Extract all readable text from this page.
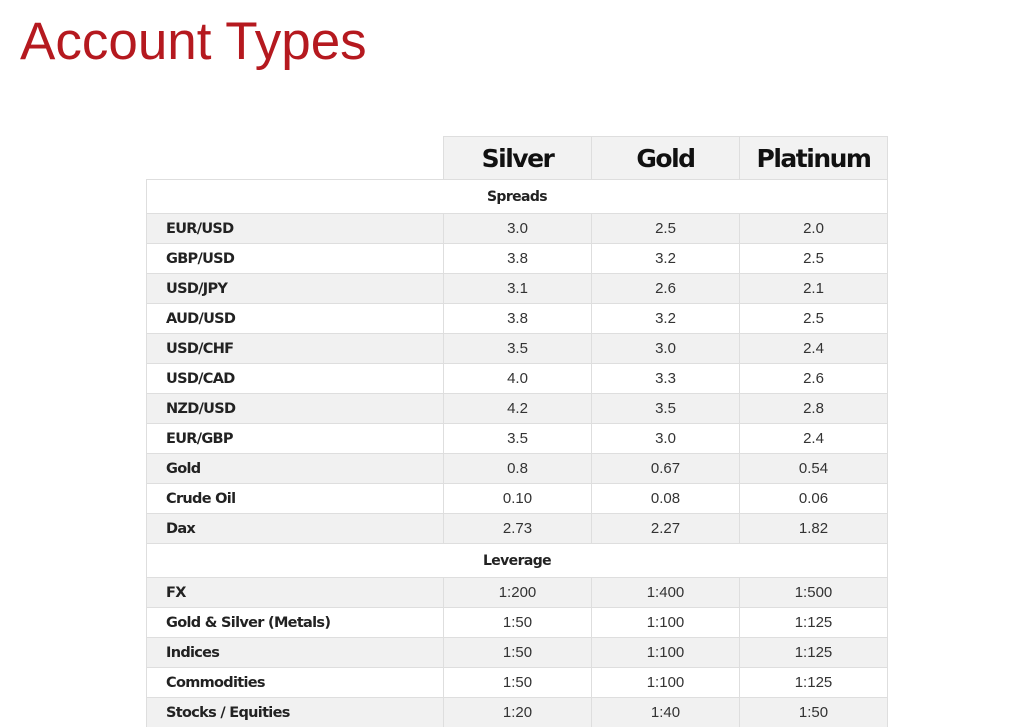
Account Types
	Silver	Gold	Platinum
Spreads			
EUR/USD	3.0	2.5	2.0
GBP/USD	3.8	3.2	2.5
USD/JPY	3.1	2.6	2.1
AUD/USD	3.8	3.2	2.5
USD/CHF	3.5	3.0	2.4
USD/CAD	4.0	3.3	2.6
NZD/USD	4.2	3.5	2.8
EUR/GBP	3.5	3.0	2.4
Gold	0.8	0.67	0.54
Crude Oil	0.10	0.08	0.06
Dax	2.73	2.27	1.82
Leverage			
FX	1:200	1:400	1:500
Gold & Silver (Metals)	1:50	1:100	1:125
Indices	1:50	1:100	1:125
Commodities	1:50	1:100	1:125
Stocks / Equities	1:20	1:40	1:50
